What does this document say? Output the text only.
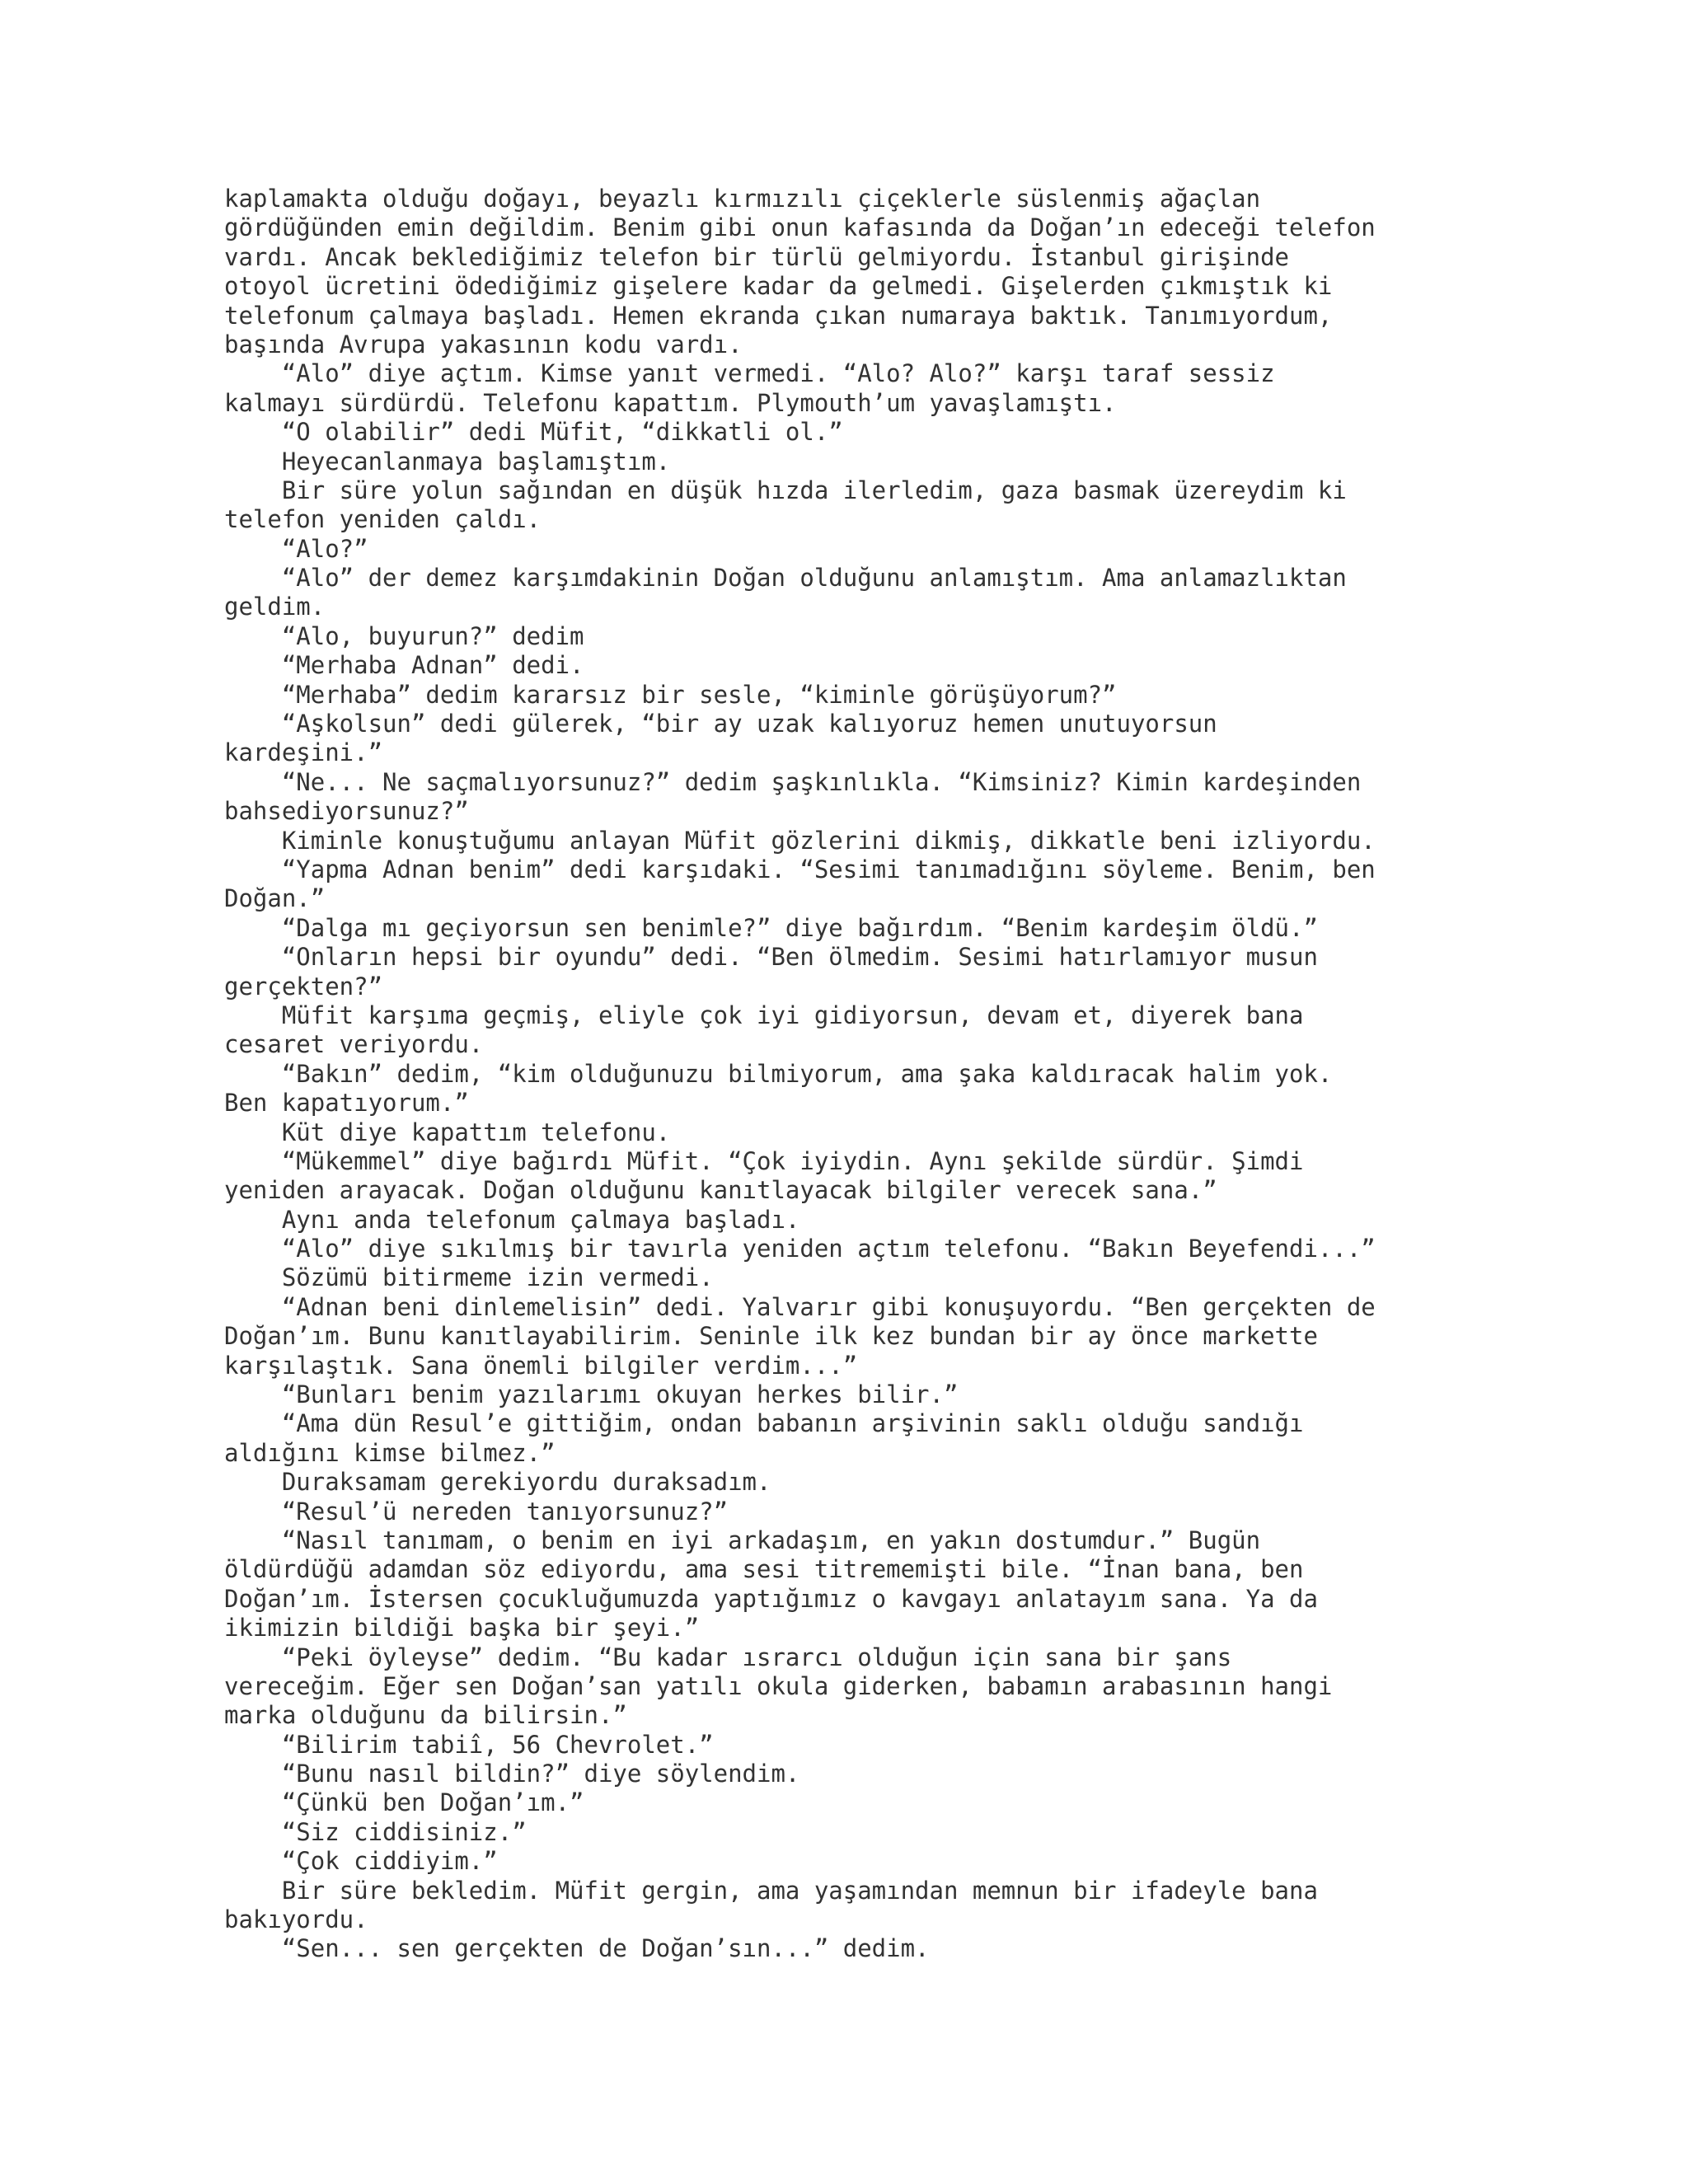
kaplamakta olduğu doğayı, beyazlı kırmızılı çiçeklerle süslenmiş ağaçlan
gördüğünden emin değildim. Benim gibi onun kafasında da Doğan’ın edeceği telefon
vardı. Ancak beklediğimiz telefon bir türlü gelmiyordu. İstanbul girişinde
otoyol ücretini ödediğimiz gişelere kadar da gelmedi. Gişelerden çıkmıştık ki
telefonum çalmaya başladı. Hemen ekranda çıkan numaraya baktık. Tanımıyordum,
başında Avrupa yakasının kodu vardı.
“Alo” diye açtım. Kimse yanıt vermedi. “Alo? Alo?” karşı taraf sessiz
kalmayı sürdürdü. Telefonu kapattım. Plymouth’um yavaşlamıştı.
“O olabilir” dedi Müfit, “dikkatli ol.”
Heyecanlanmaya başlamıştım.
Bir süre yolun sağından en düşük hızda ilerledim, gaza basmak üzereydim ki
telefon yeniden çaldı.
“Alo?”
“Alo” der demez karşımdakinin Doğan olduğunu anlamıştım. Ama anlamazlıktan
geldim.
“Alo, buyurun?” dedim
“Merhaba Adnan” dedi.
“Merhaba” dedim kararsız bir sesle, “kiminle görüşüyorum?”
“Aşkolsun” dedi gülerek, “bir ay uzak kalıyoruz hemen unutuyorsun
kardeşini.”
“Ne... Ne saçmalıyorsunuz?” dedim şaşkınlıkla. “Kimsiniz? Kimin kardeşinden
bahsediyorsunuz?”
Kiminle konuştuğumu anlayan Müfit gözlerini dikmiş, dikkatle beni izliyordu.
“Yapma Adnan benim” dedi karşıdaki. “Sesimi tanımadığını söyleme. Benim, ben
Doğan.”
“Dalga mı geçiyorsun sen benimle?” diye bağırdım. “Benim kardeşim öldü.”
“Onların hepsi bir oyundu” dedi. “Ben ölmedim. Sesimi hatırlamıyor musun
gerçekten?”
Müfit karşıma geçmiş, eliyle çok iyi gidiyorsun, devam et, diyerek bana
cesaret veriyordu.
“Bakın” dedim, “kim olduğunuzu bilmiyorum, ama şaka kaldıracak halim yok.
Ben kapatıyorum.”
Küt diye kapattım telefonu.
“Mükemmel” diye bağırdı Müfit. “Çok iyiydin. Aynı şekilde sürdür. Şimdi
yeniden arayacak. Doğan olduğunu kanıtlayacak bilgiler verecek sana.”
Aynı anda telefonum çalmaya başladı.
“Alo” diye sıkılmış bir tavırla yeniden açtım telefonu. “Bakın Beyefendi...”
Sözümü bitirmeme izin vermedi.
“Adnan beni dinlemelisin” dedi. Yalvarır gibi konuşuyordu. “Ben gerçekten de
Doğan’ım. Bunu kanıtlayabilirim. Seninle ilk kez bundan bir ay önce markette
karşılaştık. Sana önemli bilgiler verdim...”
“Bunları benim yazılarımı okuyan herkes bilir.”
“Ama dün Resul’e gittiğim, ondan babanın arşivinin saklı olduğu sandığı
aldığını kimse bilmez.”
Duraksamam gerekiyordu duraksadım.
“Resul’ü nereden tanıyorsunuz?”
“Nasıl tanımam, o benim en iyi arkadaşım, en yakın dostumdur.” Bugün
öldürdüğü adamdan söz ediyordu, ama sesi titrememişti bile. “İnan bana, ben
Doğan’ım. İstersen çocukluğumuzda yaptığımız o kavgayı anlatayım sana. Ya da
ikimizin bildiği başka bir şeyi.”
“Peki öyleyse” dedim. “Bu kadar ısrarcı olduğun için sana bir şans
vereceğim. Eğer sen Doğan’san yatılı okula giderken, babamın arabasının hangi
marka olduğunu da bilirsin.”
“Bilirim tabiî, 56 Chevrolet.”
“Bunu nasıl bildin?” diye söylendim.
“Çünkü ben Doğan’ım.”
“Siz ciddisiniz.”
“Çok ciddiyim.”
Bir süre bekledim. Müfit gergin, ama yaşamından memnun bir ifadeyle bana
bakıyordu.
“Sen... sen gerçekten de Doğan’sın...” dedim.
